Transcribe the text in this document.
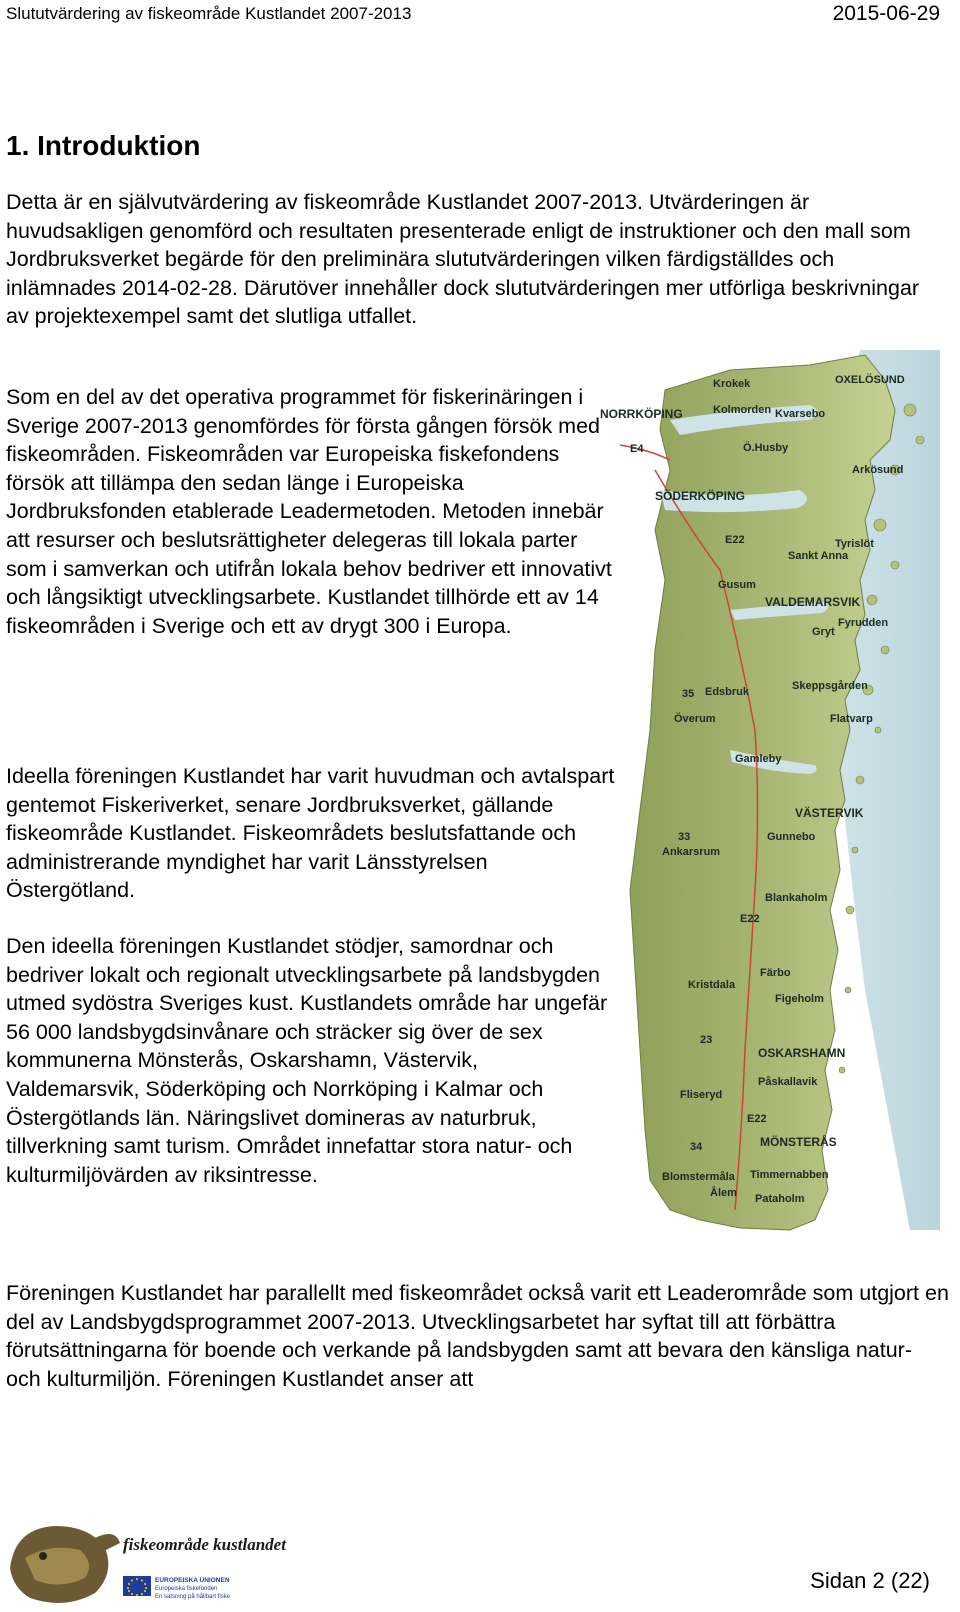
Slututvärdering av fiskeområde Kustlandet 2007-2013	2015-06-29
1. Introduktion

Detta är en självutvärdering av fiskeområde Kustlandet 2007-2013. Utvärderingen är huvudsakligen genomförd och resultaten presenterade enligt de instruktioner och den mall som Jordbruksverket begärde för den preliminära slututvärderingen vilken färdigställdes och inlämnades 2014-02-28. Därutöver innehåller dock slututvärderingen mer utförliga beskrivningar av projektexempel samt det slutliga utfallet.

Som en del av det operativa programmet för fiskerinäringen i Sverige 2007-2013 genomfördes för första gången försök med fiskeområden. Fiskeområden var Europeiska fiskefondens försök att tillämpa den sedan länge i Europeiska Jordbruksfonden etablerade Leadermetoden. Metoden innebär att resurser och beslutsrättigheter delegeras till lokala parter som i samverkan och utifrån lokala behov bedriver ett innovativt och långsiktigt utvecklingsarbete. Kustlandet tillhörde ett av 14 fiskeområden i Sverige och ett av drygt 300 i Europa.

Ideella föreningen Kustlandet har varit huvudman och avtalspart gentemot Fiskeriverket, senare Jordbruksverket, gällande fiskeområde Kustlandet. Fiskeområdets beslutsfattande och administrerande myndighet har varit Länsstyrelsen Östergötland.

Den ideella föreningen Kustlandet stödjer, samordnar och bedriver lokalt och regionalt utvecklingsarbete på landsbygden utmed sydöstra Sveriges kust. Kustlandets område har ungefär 56 000 landsbygdsinvånare och sträcker sig över de sex kommunerna Mönsterås, Oskarshamn, Västervik, Valdemarsvik, Söderköping och Norrköping i Kalmar och Östergötlands län. Näringslivet domineras av naturbruk, tillverkning samt turism. Området innefattar stora natur- och kulturmiljövärden av riksintresse.

Föreningen Kustlandet har parallellt med fiskeområdet också varit ett Leaderområde som utgjort en del av Landsbygdsprogrammet 2007-2013. Utvecklingsarbetet har syftat till att förbättra förutsättningarna för boende och verkande på landsbygden samt att bevara den känsliga natur- och kulturmiljön. Föreningen Kustlandet anser att

Krokek	OXELÖSUND
NORRKÖPING	Kolmorden Kvarsebo
E4	Ö.Husby
Arkösund
SÖDERKÖPING
E22	Tyrislöt
Sankt Anna
Gusum
VALDEMARSVIK
Fyrudden
Gryt
35 Edsbruk	Skeppsgården
Överum	Flatvarp
Gamleby
VÄSTERVIK
33	Gunnebo
Ankarsrum
Blankaholm
E22
Färbo
Kristdala
Figeholm
23
OSKARSHAMN
Påskallavik
Fliseryd
E22
MÖNSTERÅS
34
Timmernabben
Blomstermåla
Pataholm
Ålem
fiskeområde kustlandet
EUROPEISKA UNIONEN
Europeiska fiskefonden
En satsning på hållbart fiske
Sidan 2 (22)
